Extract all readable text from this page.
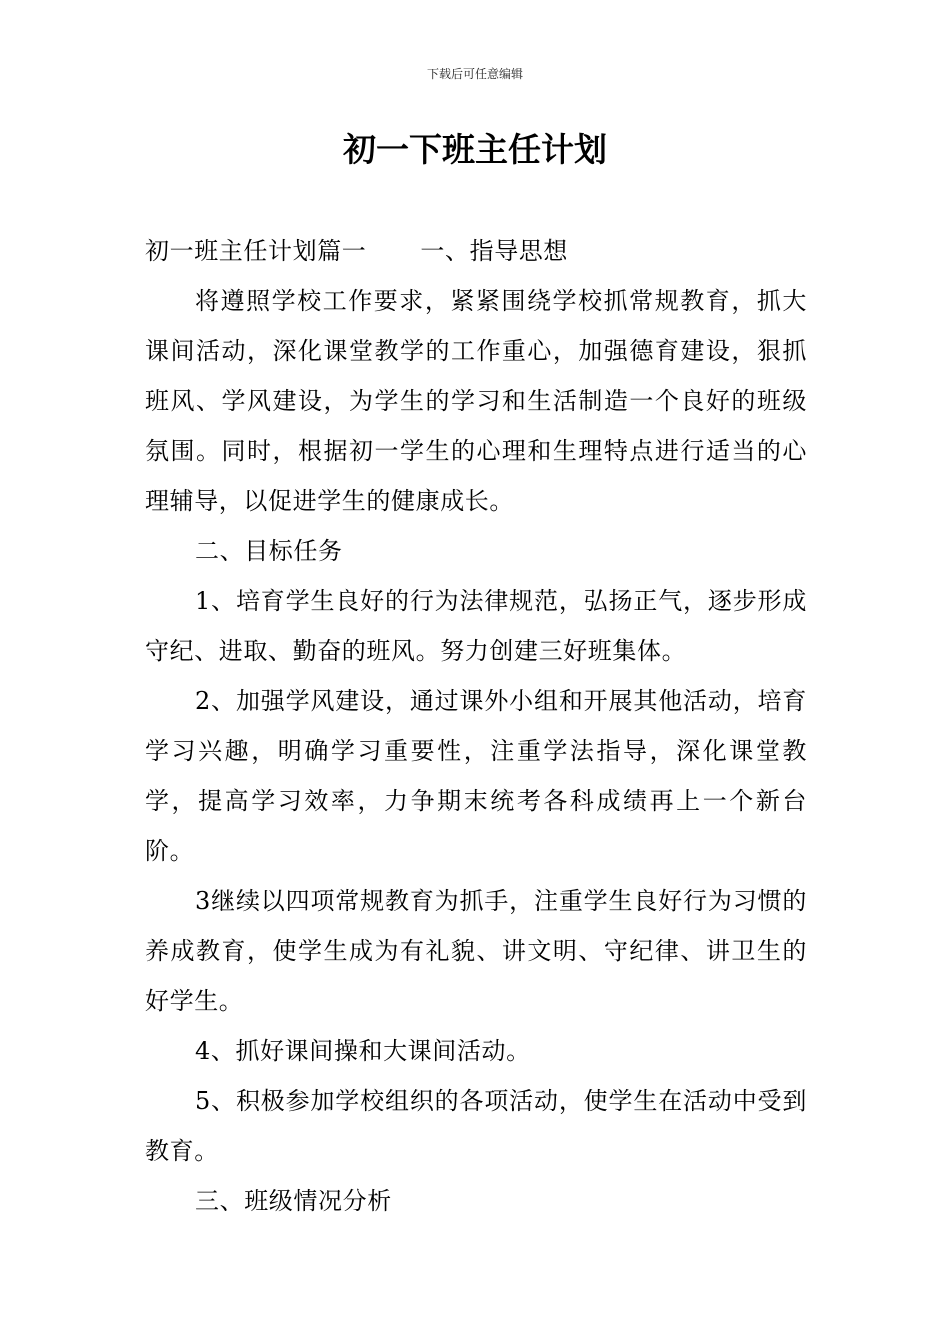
下载后可任意编辑
初一下班主任计划

初一班主任计划篇一 一、指导思想

将遵照学校工作要求，紧紧围绕学校抓常规教育，抓大课间活动，深化课堂教学的工作重心，加强德育建设，狠抓班风、学风建设，为学生的学习和生活制造一个良好的班级氛围。同时，根据初一学生的心理和生理特点进行适当的心理辅导，以促进学生的健康成长。

二、目标任务

1、培育学生良好的行为法律规范，弘扬正气，逐步形成守纪、进取、勤奋的班风。努力创建三好班集体。

2、加强学风建设，通过课外小组和开展其他活动，培育学习兴趣，明确学习重要性，注重学法指导，深化课堂教学，提高学习效率，力争期末统考各科成绩再上一个新台阶。

3继续以四项常规教育为抓手，注重学生良好行为习惯的养成教育，使学生成为有礼貌、讲文明、守纪律、讲卫生的好学生。

4、抓好课间操和大课间活动。

5、积极参加学校组织的各项活动，使学生在活动中受到教育。

三、班级情况分析
